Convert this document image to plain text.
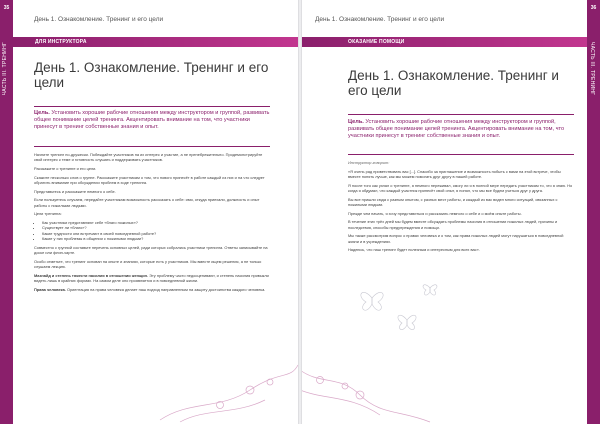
35
ЧАСТЬ III. ТРЕНИНГ
День 1. Ознакомление. Тренинг и его цели
ДЛЯ ИНСТРУКТОРА
День 1. Ознакомление. Тренинг и его цели
Цель. Установить хорошие рабочие отношения между инструктором и группой, развивать общее понимание целей тренинга. Акцентировать внимание на том, что участники принесут в тренинг собственные знания и опыт.

Начните тренинг по-дружески. Побеждайте участников на их интерес и участие, а не пренебрежительно. Продемонстрируйте свой интерес к теме и готовность слушать и поддерживать участников.

Расскажите о тренинге и его цели.

Скажите несколько слов о группе. Расскажите участникам о том, что нового принесёт в работе каждый из них и на что следует обратить внимание при обсуждении проблем в ходе тренинга.

Представьтесь и расскажите немного о себе.

Если пользуетесь случаем, передайте участникам возможность рассказать о себе: имя, откуда приехали, должность и опыт работы с пожилыми людьми.

Цели тренинга:

• Как участники представляют себе «благо пожилых»?
• Существует ли «благо»?
• Какие трудности они встречают в своей повседневной работе?
• Какие у них проблемы в общении с пожилыми людьми?

Совместно с группой составьте перечень основных целей, ради которых собрались участники тренинга. Ответы записывайте на доске или флип-чарте.

Особо отметьте, что тренинг основан на опыте и знаниях, которые есть у участников. Мы вместе ищем решения, а не только слушаем лекцию.

Мазнайд и степень тяжести насилия в отношении женщин. Эту проблему часто недооценивают, и степень насилия привыкли видеть лишь в крайних формах. На самом деле оно проявляется и в повседневной жизни.

Права человека. Ориентация на права человека делает наш подход направленным на защиту достоинства каждого человека.

36
ЧАСТЬ III. ТРЕНИНГ
День 1. Ознакомление. Тренинг и его цели
ОКАЗАНИЕ ПОМОЩИ
День 1. Ознакомление. Тренинг и его цели
Цель. Установить хорошие рабочие отношения между инструктором и группой, развивать общее понимание целей тренинга. Акцентировать внимание на том, что участники принесут в тренинг собственные знания и опыт.

Инструктор говорит:

«Я очень рад приветствовать вас [...]. Спасибо за приглашение и возможность побыть с вами на этой встрече, чтобы вместе понять лучше, как мы можем помогать друг другу в нашей работе.

Я после того как узнал о тренинге, я немного переживал, смогу ли я в полной мере передать участникам то, что я знаю. Но когда я обдумал, что каждый участник принесёт свой опыт, я понял, что мы все будем учиться друг у друга.

Вы все пришли сюда с разным опытом, с разных мест работы, и каждый из вас видел много ситуаций, связанных с пожилыми людьми.

Прежде чем начать, я хочу представиться и рассказать немного о себе и о моём опыте работы.

В течение этих трёх дней мы будем вместе обсуждать проблемы насилия в отношении пожилых людей, причины и последствия, способы предупреждения и помощи.

Мы также рассмотрим вопрос о правах человека и о том, как права пожилых людей могут нарушаться в повседневной жизни и в учреждениях.

Надеюсь, что наш тренинг будет полезным и интересным для всех вас».
